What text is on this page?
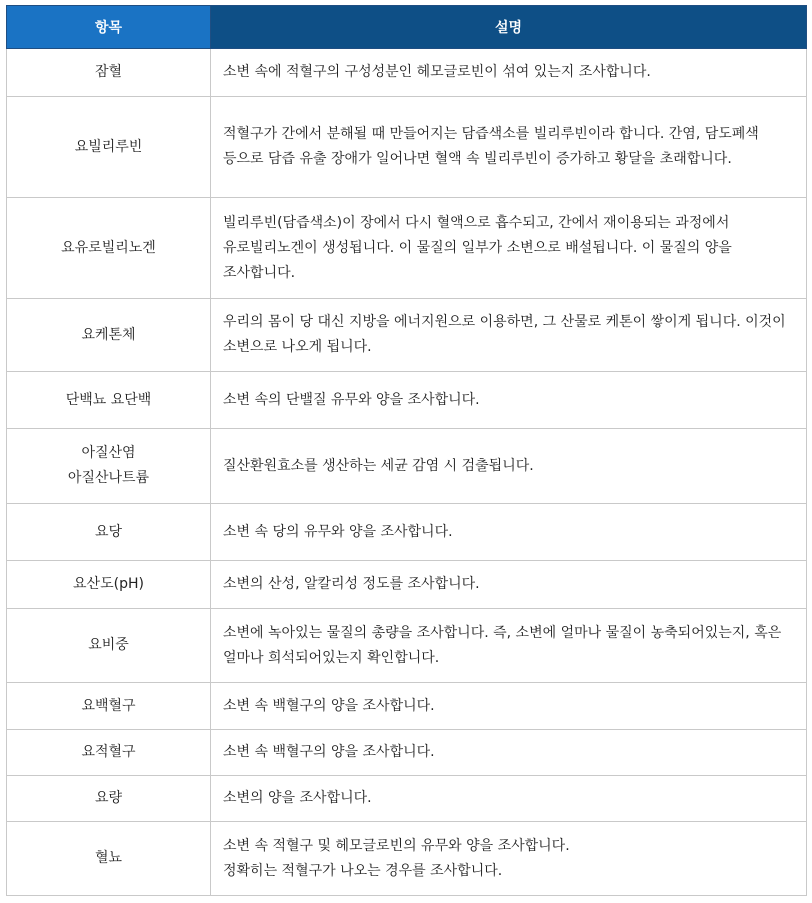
항목	설명
잠혈	소변 속에 적혈구의 구성성분인 헤모글로빈이 섞여 있는지 조사합니다.

요빌리루빈	적혈구가 간에서 분해될 때 만들어지는 담즙색소를 빌리루빈이라 합니다. 간염, 담도폐색 등으로 담즙 유출 장애가 일어나면 혈액 속 빌리루빈이 증가하고 황달을 초래합니다.

요유로빌리노겐	빌리루빈(담즙색소)이 장에서 다시 혈액으로 흡수되고, 간에서 재이용되는 과정에서 유로빌리노겐이 생성됩니다. 이 물질의 일부가 소변으로 배설됩니다. 이 물질의 양을 조사합니다.

요케톤체	우리의 몸이 당 대신 지방을 에너지원으로 이용하면, 그 산물로 케톤이 쌓이게 됩니다. 이것이 소변으로 나오게 됩니다.

단백뇨 요단백	소변 속의 단밸질 유무와 양을 조사합니다.

아질산염
아질산나트륨	질산환원효소를 생산하는 세균 감염 시 검출됩니다.

요당	소변 속 당의 유무와 양을 조사합니다.

요산도(pH)	소변의 산성, 알칼리성 정도를 조사합니다.

요비중	소변에 녹아있는 물질의 총량을 조사합니다. 즉, 소변에 얼마나 물질이 농축되어있는지, 혹은 얼마나 희석되어있는지 확인합니다.

요백혈구	소변 속 백혈구의 양을 조사합니다.

요적혈구	소변 속 백혈구의 양을 조사합니다.

요량	소변의 양을 조사합니다.

혈뇨	소변 속 적혈구 및 헤모글로빈의 유무와 양을 조사합니다.
정확히는 적혈구가 나오는 경우를 조사합니다.
